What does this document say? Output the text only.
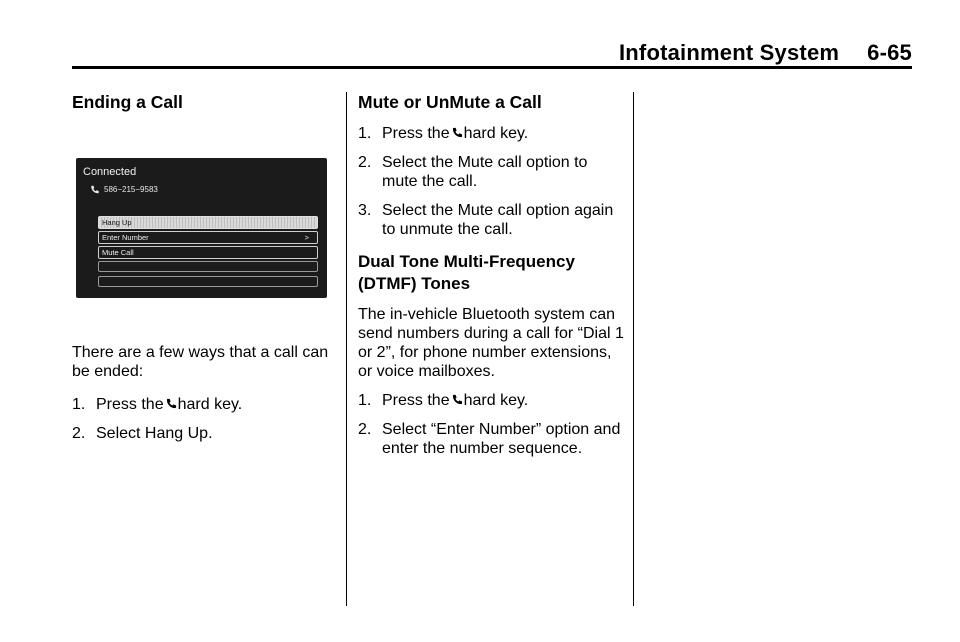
Infotainment System 6-65
Ending a Call
Connected
586−215−9583
Hang Up
Enter Number	>
Mute Call

There are a few ways that a call can be ended:

1. Press the hard key.
2. Select Hang Up.
Mute or UnMute a Call
1. Press the hard key.
2. Select the Mute call option to mute the call.
3. Select the Mute call option again to unmute the call.
Dual Tone Multi-Frequency (DTMF) Tones

The in-vehicle Bluetooth system can send numbers during a call for “Dial 1 or 2”, for phone number extensions, or voice mailboxes.

1. Press the hard key.
2. Select “Enter Number” option and enter the number sequence.
